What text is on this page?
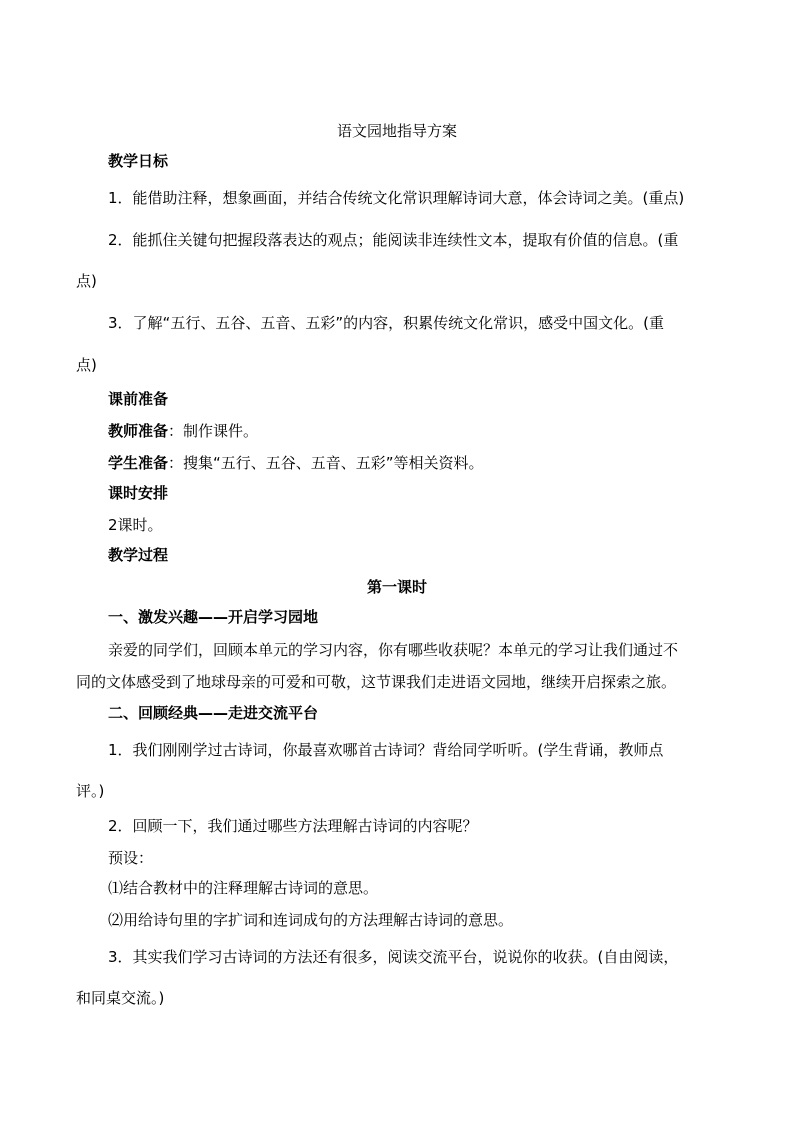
语文园地指导方案
教学日标
1．能借助注释，想象画面，并结合传统文化常识理解诗词大意，体会诗词之美。(重点)
2．能抓住关键句把握段落表达的观点；能阅读非连续性文本，提取有价值的信息。(重
点)
3．了解“五行、五谷、五音、五彩”的内容，积累传统文化常识，感受中国文化。(重
点)
课前准备
教师准备：制作课件。
学生准备：搜集“五行、五谷、五音、五彩”等相关资料。
课时安排
2课时。
教学过程
第一课时
一、激发兴趣——开启学习园地
亲爱的同学们，回顾本单元的学习内容，你有哪些收获呢？本单元的学习让我们通过不
同的文体感受到了地球母亲的可爱和可敬，这节课我们走进语文园地，继续开启探索之旅。
二、回顾经典——走进交流平台
1．我们刚刚学过古诗词，你最喜欢哪首古诗词？背给同学听听。(学生背诵，教师点
评。)
2．回顾一下，我们通过哪些方法理解古诗词的内容呢？
预设：
⑴结合教材中的注释理解古诗词的意思。
⑵用给诗句里的字扩词和连词成句的方法理解古诗词的意思。
3．其实我们学习古诗词的方法还有很多，阅读交流平台，说说你的收获。(自由阅读，
和同桌交流。)
